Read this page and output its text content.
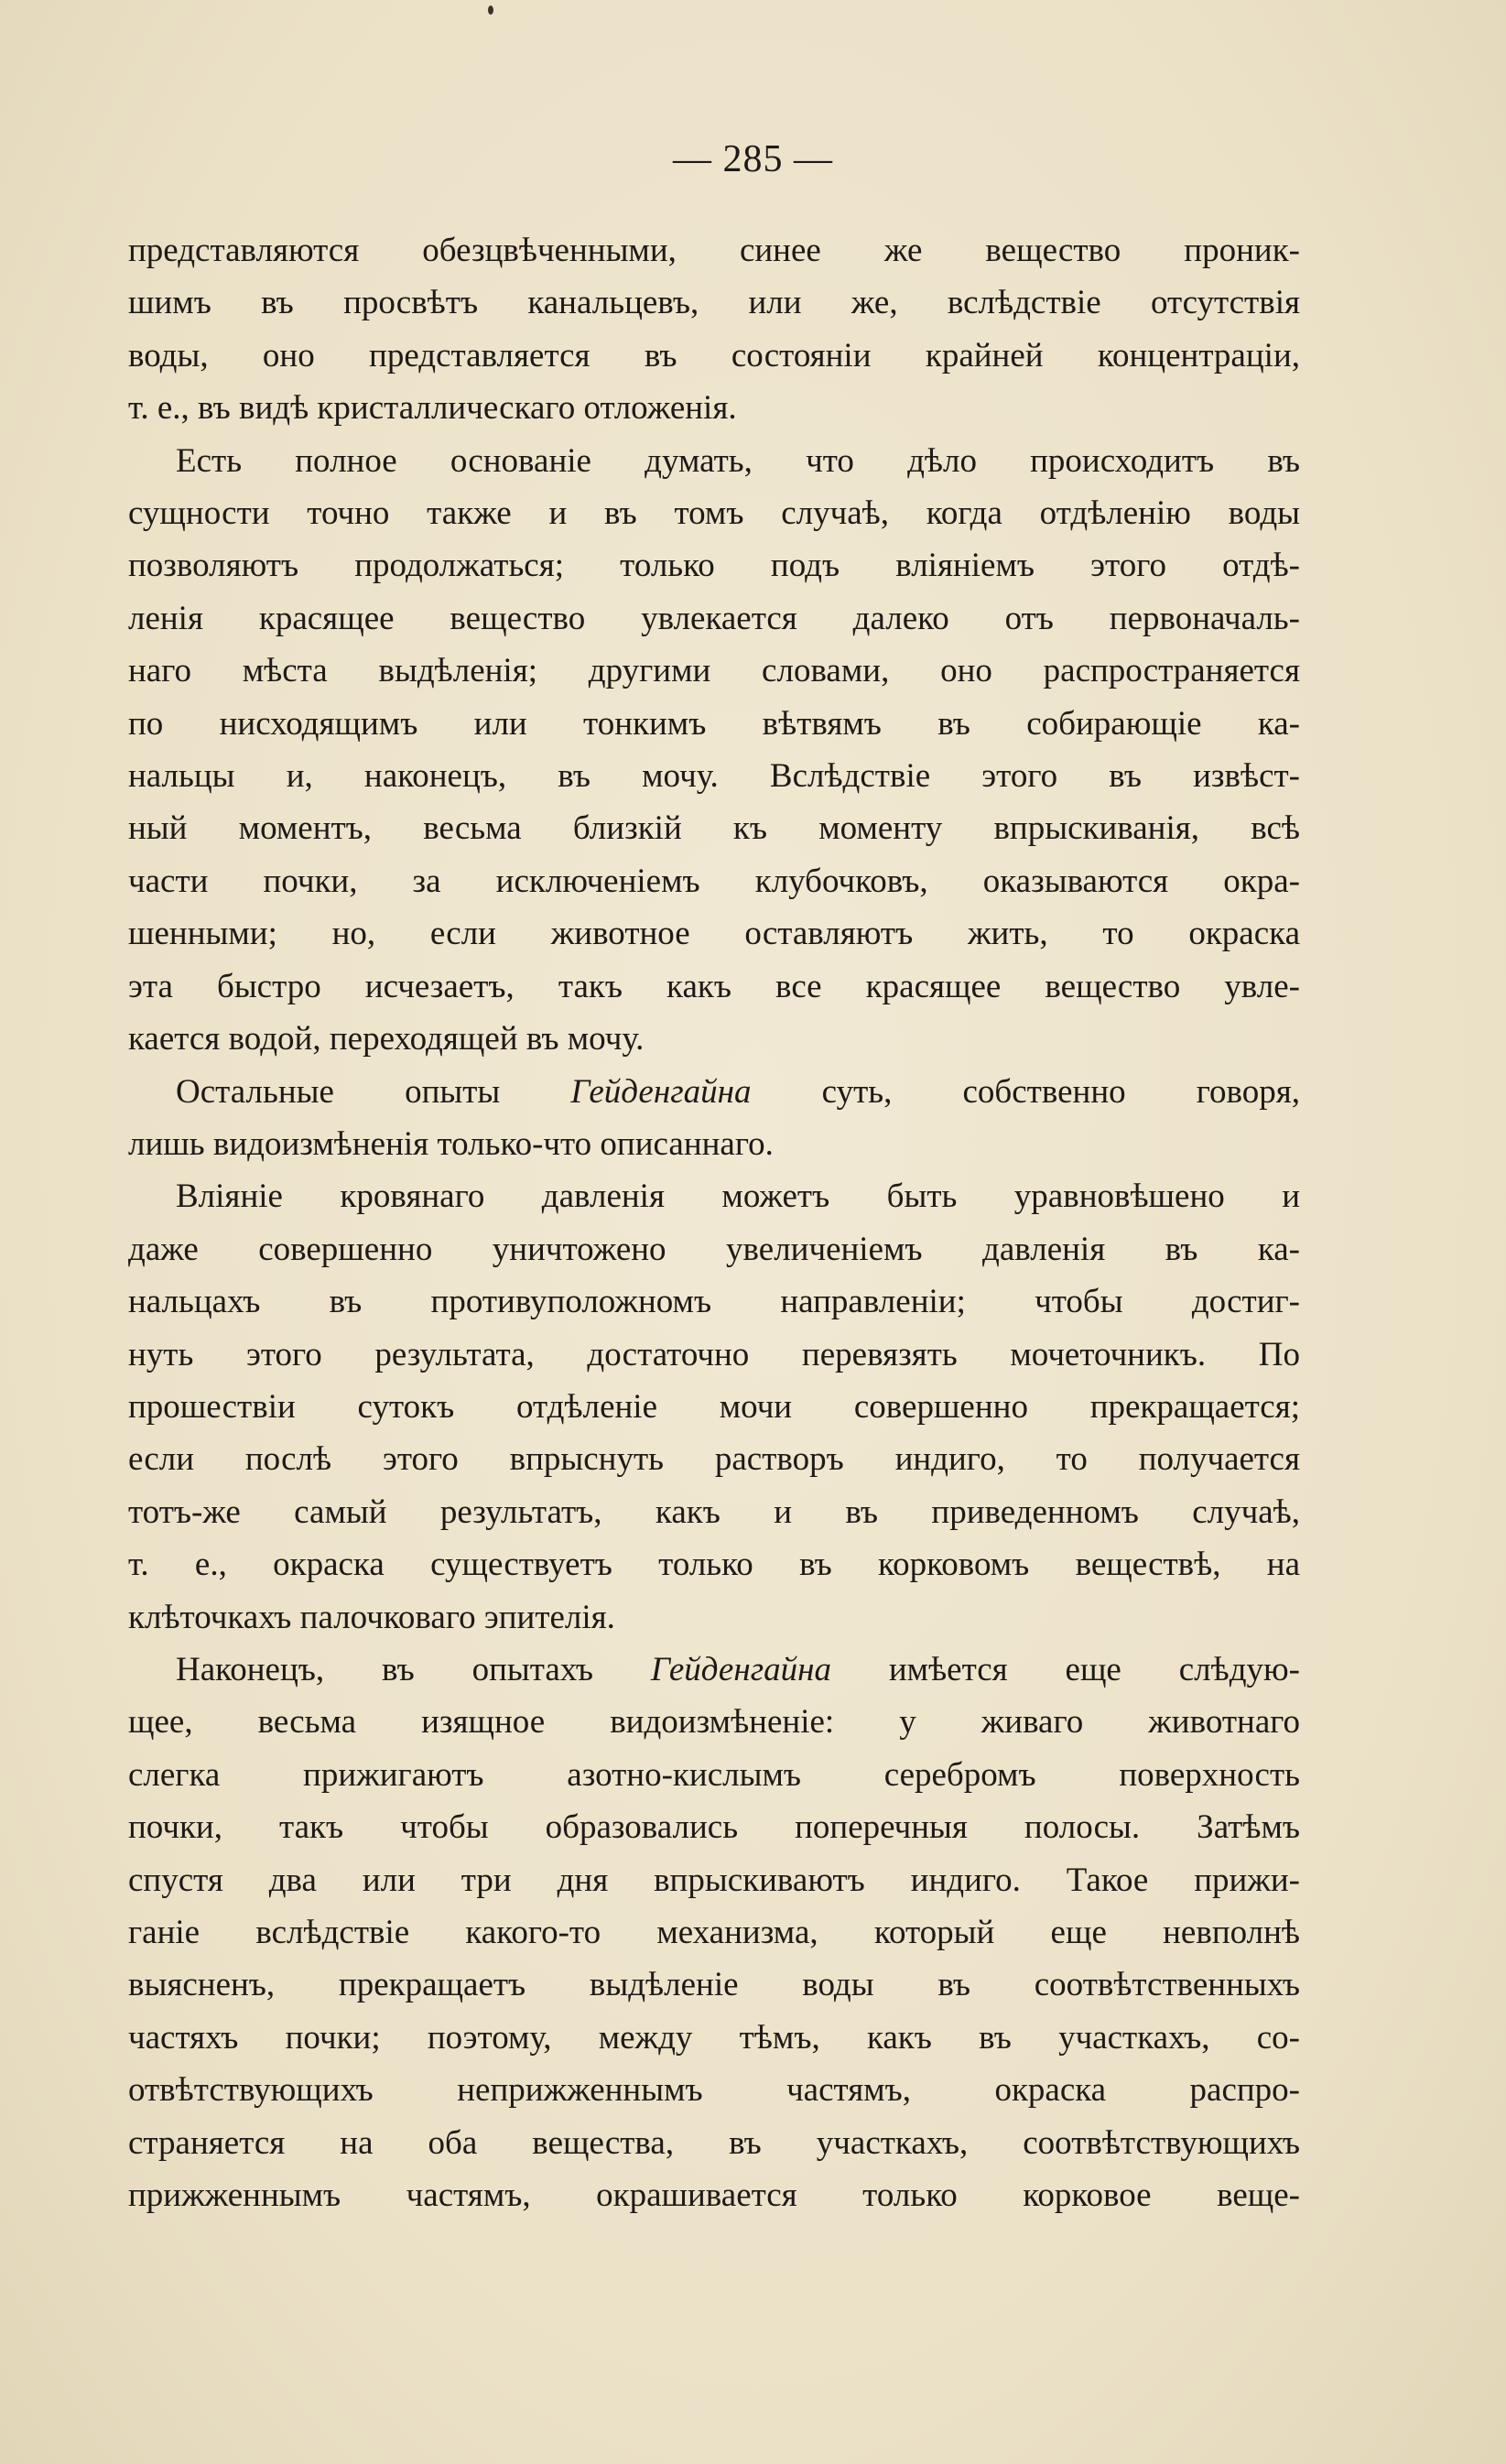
— 285 —

представляются обезцвѣченными, синее же вещество проник-
шимъ въ просвѣтъ канальцевъ, или же, вслѣдствіе отсутствія
воды, оно представляется въ состояніи крайней концентраціи,
т. е., въ видѣ кристаллическаго отложенія.

Есть полное основаніе думать, что дѣло происходитъ въ
сущности точно также и въ томъ случаѣ, когда отдѣленію воды
позволяютъ продолжаться; только подъ вліяніемъ этого отдѣ-
ленія красящее вещество увлекается далеко отъ первоначаль-
наго мѣста выдѣленія; другими словами, оно распространяется
по нисходящимъ или тонкимъ вѣтвямъ въ собирающіе ка-
нальцы и, наконецъ, въ мочу. Вслѣдствіе этого въ извѣст-
ный моментъ, весьма близкій къ моменту впрыскиванія, всѣ
части почки, за исключеніемъ клубочковъ, оказываются окра-
шенными; но, если животное оставляютъ жить, то окраска
эта быстро исчезаетъ, такъ какъ все красящее вещество увле-
кается водой, переходящей въ мочу.

Остальные опыты Гейденгайна суть, собственно говоря,
лишь видоизмѣненія только-что описаннаго.

Вліяніе кровянаго давленія можетъ быть уравновѣшено и
даже совершенно уничтожено увеличеніемъ давленія въ ка-
нальцахъ въ противуположномъ направленіи; чтобы достиг-
нуть этого результата, достаточно перевязять мочеточникъ. По
прошествіи сутокъ отдѣленіе мочи совершенно прекращается;
если послѣ этого впрыснуть растворъ индиго, то получается
тотъ-же самый результатъ, какъ и въ приведенномъ случаѣ,
т. е., окраска существуетъ только въ корковомъ веществѣ, на
клѣточкахъ палочковаго эпителія.

Наконецъ, въ опытахъ Гейденгайна имѣется еще слѣдую-
щее, весьма изящное видоизмѣненіе: у живаго животнаго
слегка прижигаютъ азотно-кислымъ серебромъ поверхность
почки, такъ чтобы образовались поперечныя полосы. Затѣмъ
спустя два или три дня впрыскиваютъ индиго. Такое прижи-
ганіе вслѣдствіе какого-то механизма, который еще невполнѣ
выясненъ, прекращаетъ выдѣленіе воды въ соотвѣтственныхъ
частяхъ почки; поэтому, между тѣмъ, какъ въ участкахъ, со-
отвѣтствующихъ неприжженнымъ частямъ, окраска распро-
страняется на оба вещества, въ участкахъ, соотвѣтствующихъ
прижженнымъ частямъ, окрашивается только корковое веще-
